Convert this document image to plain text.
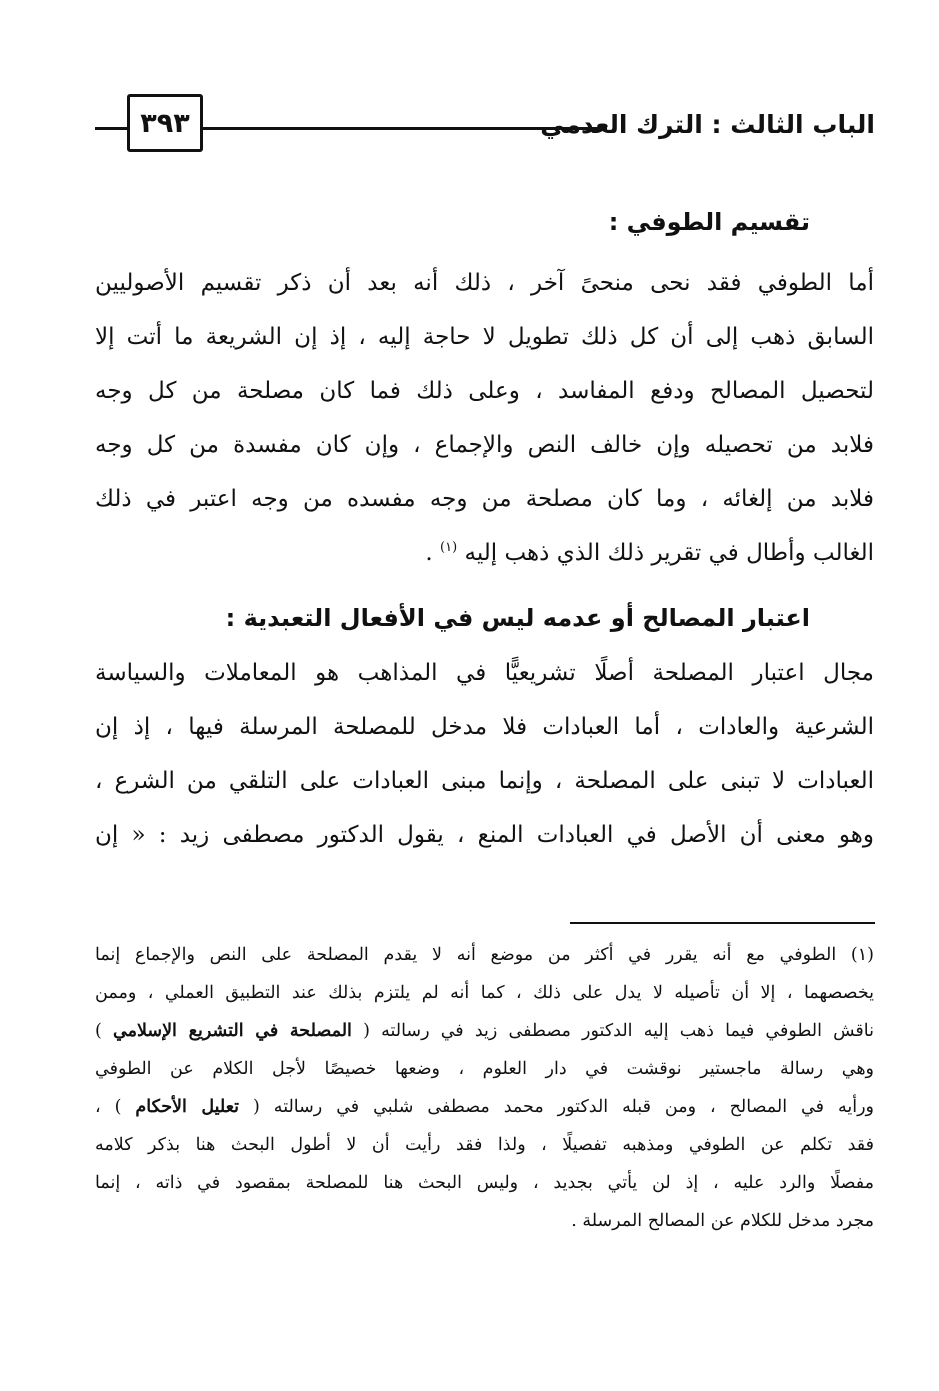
الباب الثالث : الترك العدمي
٣٩٣
تقسيم الطوفي :
أما الطوفي فقد نحى منحىً آخر ، ذلك أنه بعد أن ذكر تقسيم الأصوليين
السابق ذهب إلى أن كل ذلك تطويل لا حاجة إليه ، إذ إن الشريعة ما أتت إلا
لتحصيل المصالح ودفع المفاسد ، وعلى ذلك فما كان مصلحة من كل وجه
فلابد من تحصيله وإن خالف النص والإجماع ، وإن كان مفسدة من كل وجه
فلابد من إلغائه ، وما كان مصلحة من وجه مفسده من وجه اعتبر في ذلك
الغالب وأطال في تقرير ذلك الذي ذهب إليه $^{(١)}$ .
اعتبار المصالح أو عدمه ليس في الأفعال التعبدية :
مجال اعتبار المصلحة أصلًا تشريعيًّا في المذاهب هو المعاملات والسياسة
الشرعية والعادات ، أما العبادات فلا مدخل للمصلحة المرسلة فيها ، إذ إن
العبادات لا تبنى على المصلحة ، وإنما مبنى العبادات على التلقي من الشرع ،
وهو معنى أن الأصل في العبادات المنع ، يقول الدكتور مصطفى زيد : « إن
(١) الطوفي مع أنه يقرر في أكثر من موضع أنه لا يقدم المصلحة على النص والإجماع إنما
يخصصهما ، إلا أن تأصيله لا يدل على ذلك ، كما أنه لم يلتزم بذلك عند التطبيق العملي ، وممن
ناقش الطوفي فيما ذهب إليه الدكتور مصطفى زيد في رسالته ( المصلحة في التشريع الإسلامي )
وهي رسالة ماجستير نوقشت في دار العلوم ، وضعها خصيصًا لأجل الكلام عن الطوفي
ورأيه في المصالح ، ومن قبله الدكتور محمد مصطفى شلبي في رسالته ( تعليل الأحكام ) ،
فقد تكلم عن الطوفي ومذهبه تفصيلًا ، ولذا فقد رأيت أن لا أطول البحث هنا بذكر كلامه
مفصلًا والرد عليه ، إذ لن يأتي بجديد ، وليس البحث هنا للمصلحة بمقصود في ذاته ، إنما
مجرد مدخل للكلام عن المصالح المرسلة .
